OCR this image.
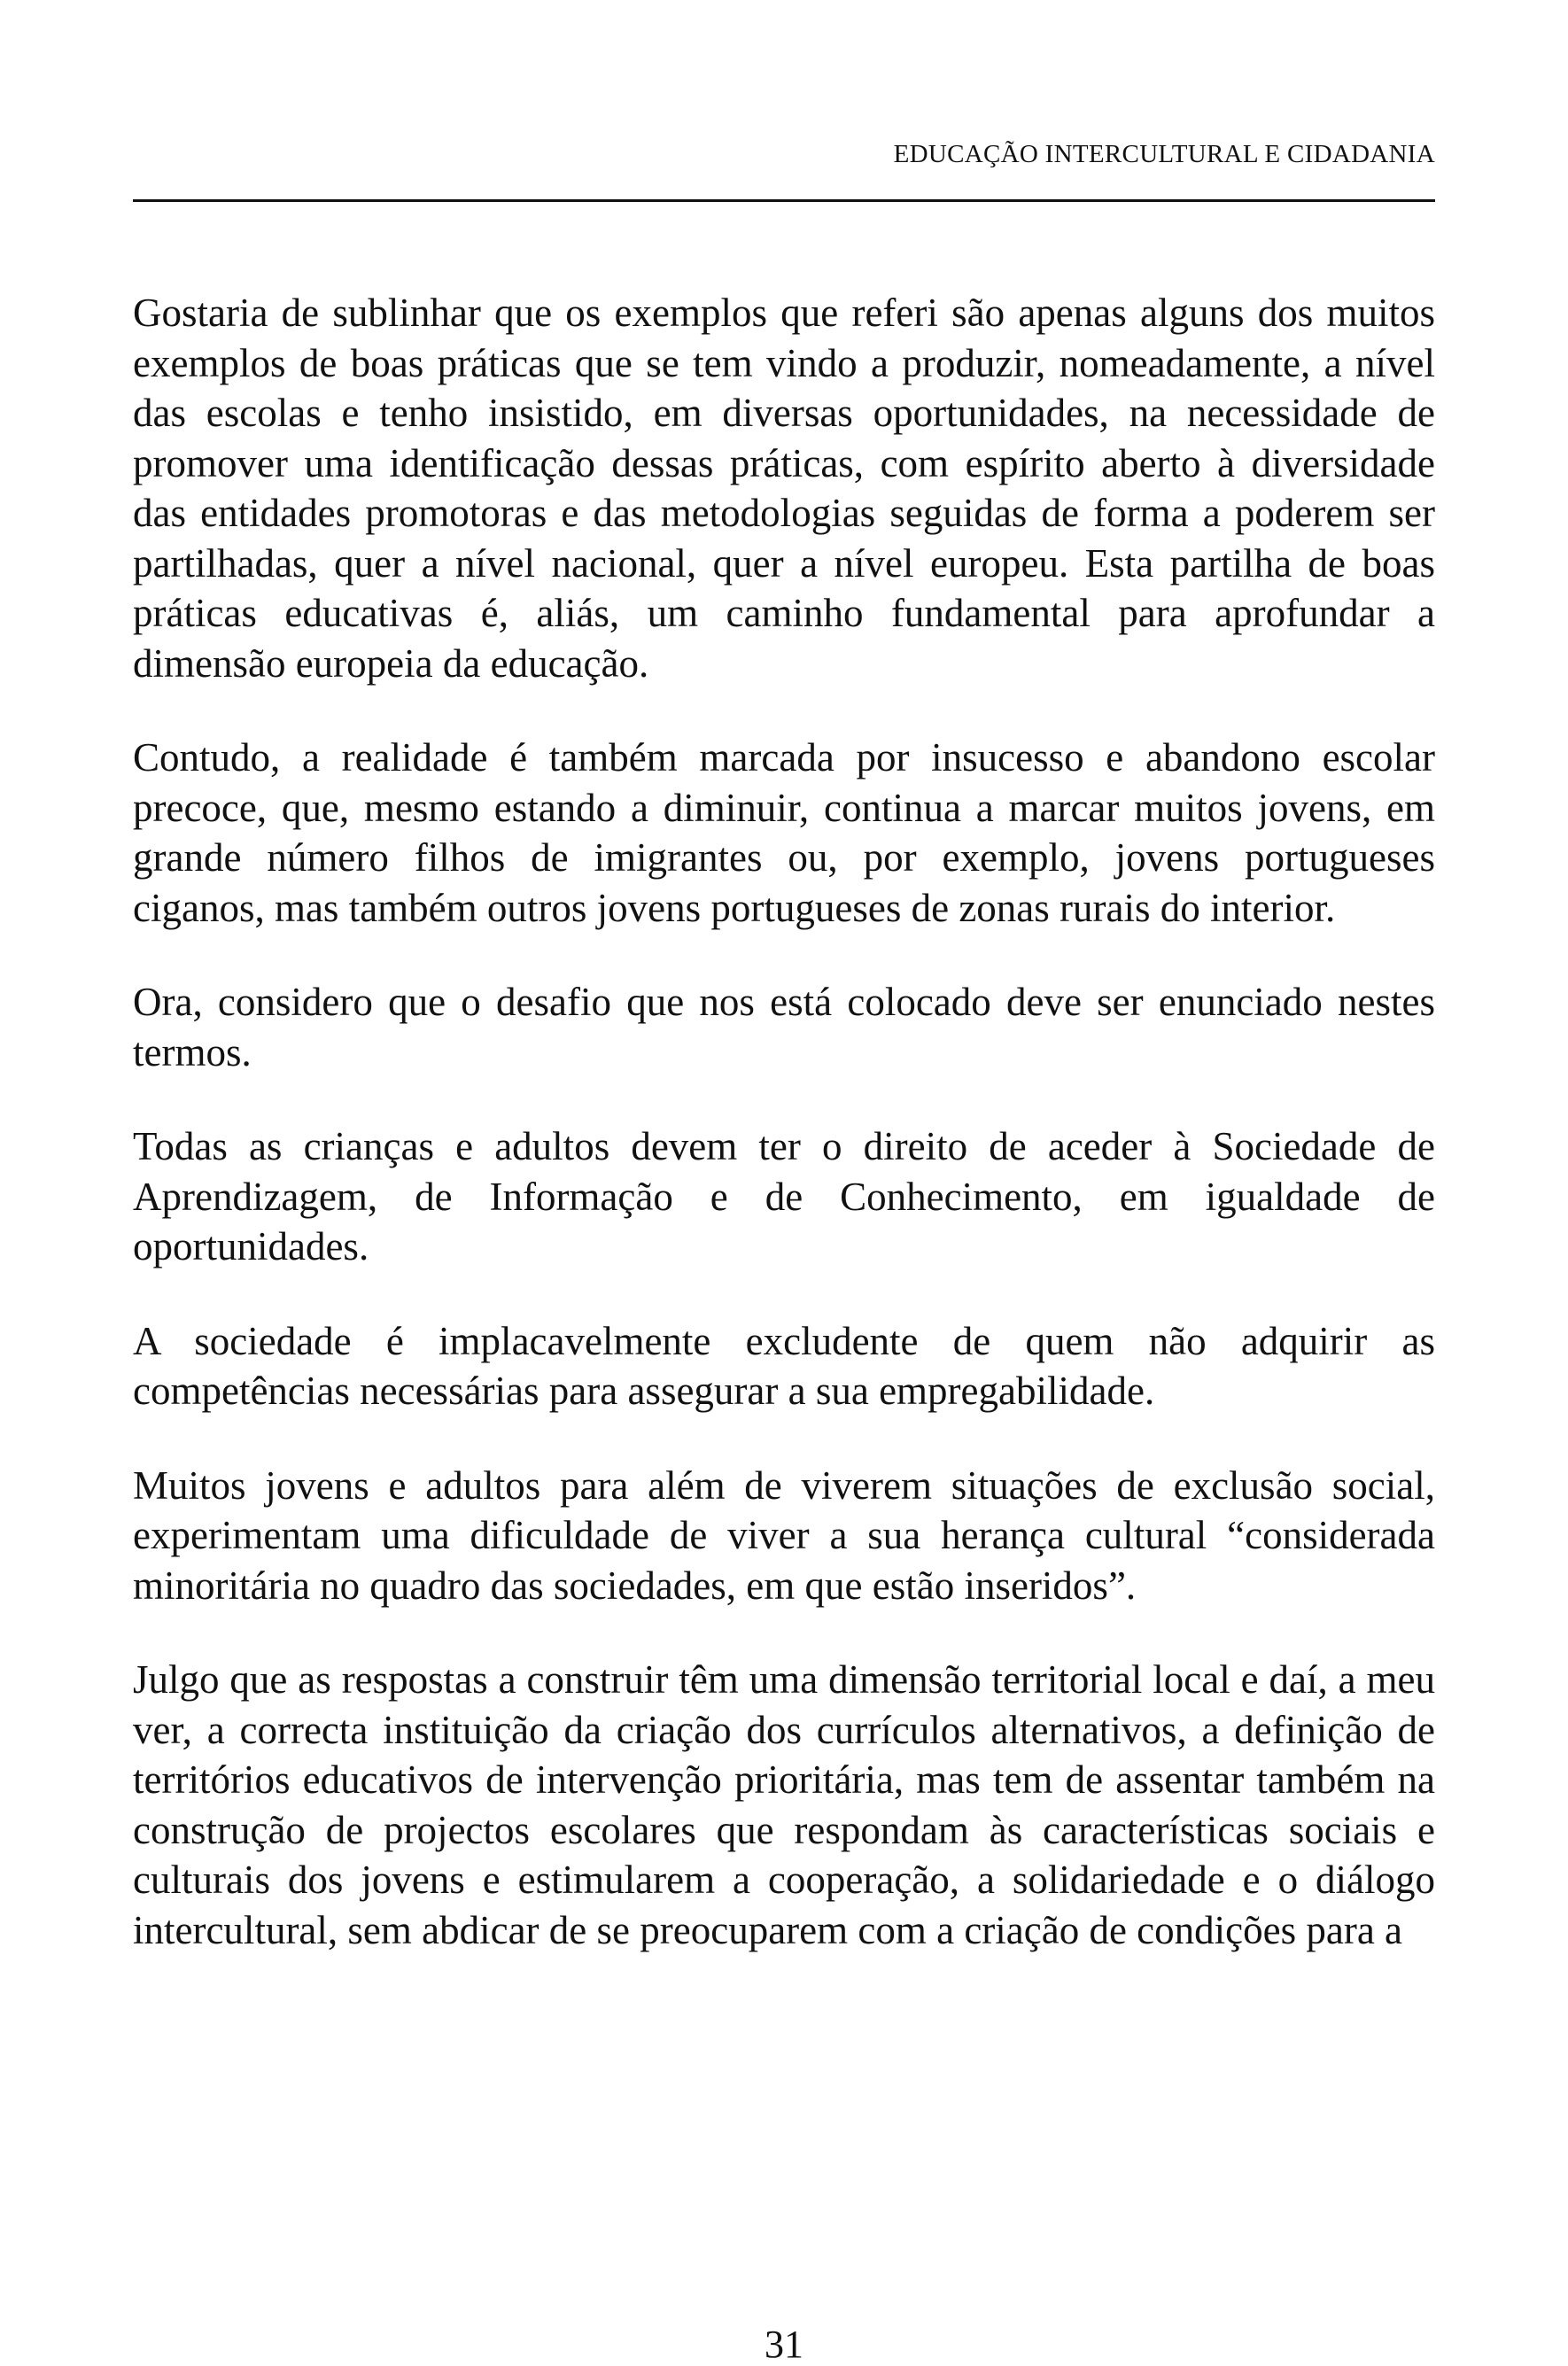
EDUCAÇÃO INTERCULTURAL E CIDADANIA

Gostaria de sublinhar que os exemplos que referi são apenas alguns dos muitos exemplos de boas práticas que se tem vindo a produzir, nomeadamente, a nível das escolas e tenho insistido, em diversas oportunidades, na necessidade de promover uma identificação dessas práticas, com espírito aberto à diversidade das entidades promotoras e das metodologias seguidas de forma a poderem ser partilhadas, quer a nível nacional, quer a nível europeu. Esta partilha de boas práticas educativas é, aliás, um caminho fundamental para aprofundar a dimensão europeia da educação.

Contudo, a realidade é também marcada por insucesso e abandono escolar precoce, que, mesmo estando a diminuir, continua a marcar muitos jovens, em grande número filhos de imigrantes ou, por exemplo, jovens portugueses ciganos, mas também outros jovens portugueses de zonas rurais do interior.

Ora, considero que o desafio que nos está colocado deve ser enunciado nestes termos.

Todas as crianças e adultos devem ter o direito de aceder à Sociedade de Aprendizagem, de Informação e de Conhecimento, em igualdade de oportunidades.

A sociedade é implacavelmente excludente de quem não adquirir as competências necessárias para assegurar a sua empregabilidade.

Muitos jovens e adultos para além de viverem situações de exclusão social, experimentam uma dificuldade de viver a sua herança cultural “considerada minoritária no quadro das sociedades, em que estão inseridos”.

Julgo que as respostas a construir têm uma dimensão territorial local e daí, a meu ver, a correcta instituição da criação dos currículos alternativos, a definição de territórios educativos de intervenção prioritária, mas tem de assentar também na construção de projectos escolares que respondam às características sociais e culturais dos jovens e estimularem a cooperação, a solidariedade e o diálogo intercultural, sem abdicar de se preocuparem com a criação de condições para a

31
